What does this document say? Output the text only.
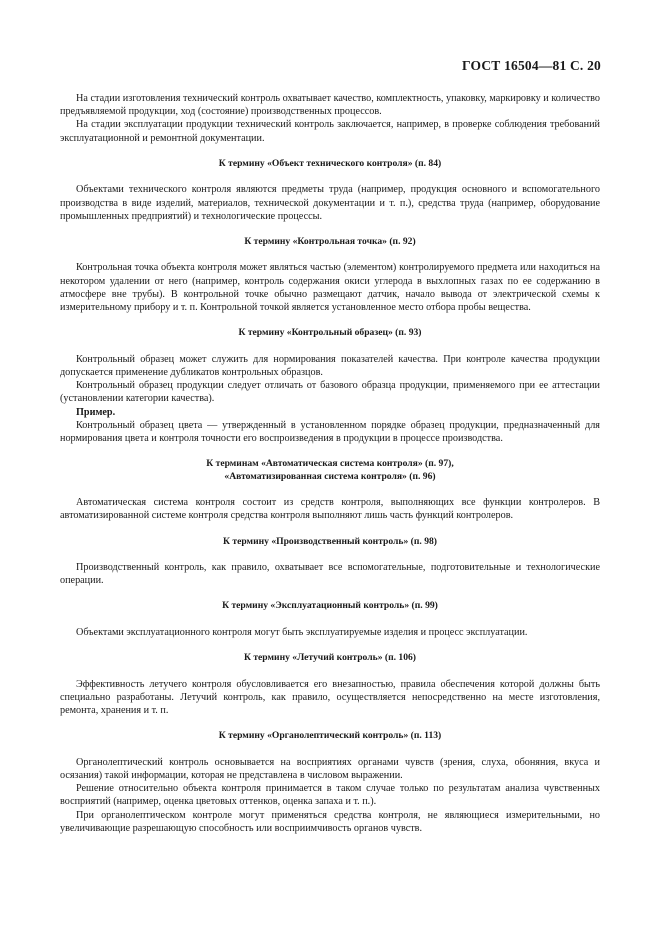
ГОСТ 16504—81 С. 20

На стадии изготовления технический контроль охватывает качество, комплектность, упаковку, маркировку и количество предъявляемой продукции, ход (состояние) производственных процессов.

На стадии эксплуатации продукции технический контроль заключается, например, в проверке соблюдения требований эксплуатационной и ремонтной документации.

К термину «Объект технического контроля» (п. 84)

Объектами технического контроля являются предметы труда (например, продукция основного и вспомогательного производства в виде изделий, материалов, технической документации и т. п.), средства труда (например, оборудование промышленных предприятий) и технологические процессы.

К термину «Контрольная точка» (п. 92)

Контрольная точка объекта контроля может являться частью (элементом) контролируемого предмета или находиться на некотором удалении от него (например, контроль содержания окиси углерода в выхлопных газах по ее содержанию в атмосфере вне трубы). В контрольной точке обычно размещают датчик, начало вывода от электрической схемы к измерительному прибору и т. п. Контрольной точкой является установленное место отбора пробы вещества.

К термину «Контрольный образец» (п. 93)

Контрольный образец может служить для нормирования показателей качества. При контроле качества продукции допускается применение дубликатов контрольных образцов.

Контрольный образец продукции следует отличать от базового образца продукции, применяемого при ее аттестации (установлении категории качества).

Пример.

Контрольный образец цвета — утвержденный в установленном порядке образец продукции, предназначенный для нормирования цвета и контроля точности его воспроизведения в продукции в процессе производства.

К терминам «Автоматическая система контроля» (п. 97),
«Автоматизированная система контроля» (п. 96)

Автоматическая система контроля состоит из средств контроля, выполняющих все функции контролеров. В автоматизированной системе контроля средства контроля выполняют лишь часть функций контролеров.

К термину «Производственный контроль» (п. 98)

Производственный контроль, как правило, охватывает все вспомогательные, подготовительные и технологические операции.

К термину «Эксплуатационный контроль» (п. 99)

Объектами эксплуатационного контроля могут быть эксплуатируемые изделия и процесс эксплуатации.

К термину «Летучий контроль» (п. 106)

Эффективность летучего контроля обусловливается его внезапностью, правила обеспечения которой должны быть специально разработаны. Летучий контроль, как правило, осуществляется непосредственно на месте изготовления, ремонта, хранения и т. п.

К термину «Органолептический контроль» (п. 113)

Органолептический контроль основывается на восприятиях органами чувств (зрения, слуха, обоняния, вкуса и осязания) такой информации, которая не представлена в числовом выражении.

Решение относительно объекта контроля принимается в таком случае только по результатам анализа чувственных восприятий (например, оценка цветовых оттенков, оценка запаха и т. п.).

При органолептическом контроле могут применяться средства контроля, не являющиеся измерительными, но увеличивающие разрешающую способность или восприимчивость органов чувств.
